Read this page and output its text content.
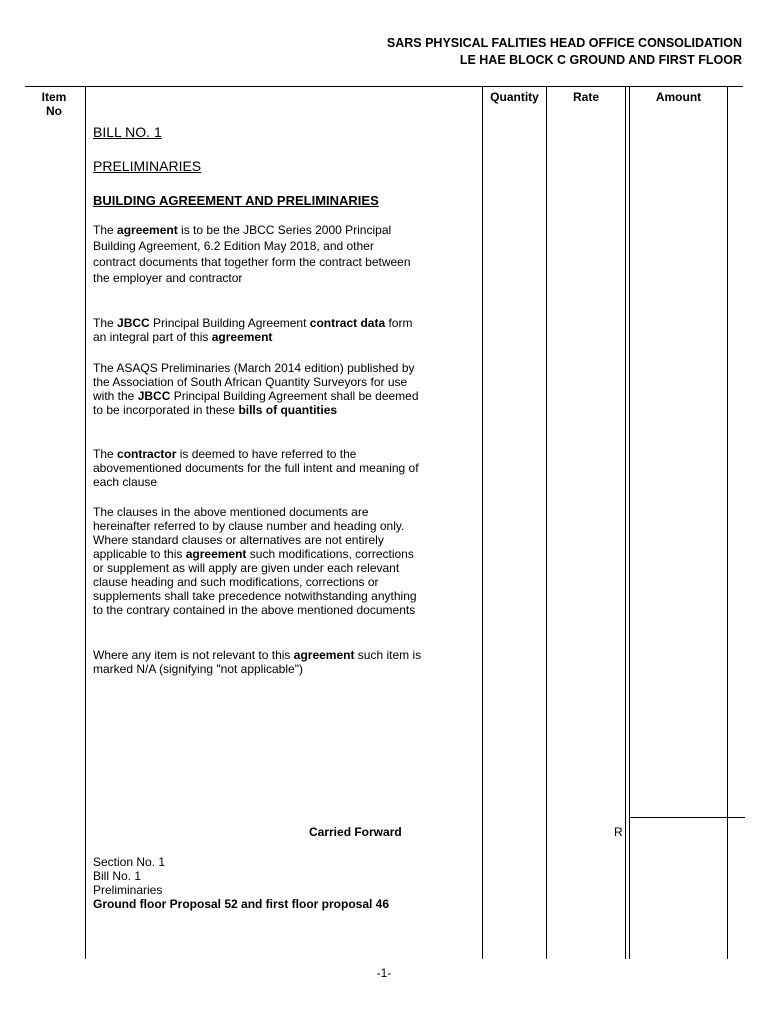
SARS PHYSICAL FALITIES HEAD OFFICE CONSOLIDATION
LE HAE BLOCK C GROUND AND FIRST FLOOR
Item
No
Quantity	Rate	Amount
BILL NO. 1
PRELIMINARIES
BUILDING AGREEMENT AND PRELIMINARIES
The agreement is to be the JBCC Series 2000 Principal Building Agreement, 6.2 Edition May 2018, and other contract documents that together form the contract between the employer and contractor
The JBCC Principal Building Agreement contract data form an integral part of this agreement
The ASAQS Preliminaries (March 2014 edition) published by the Association of South African Quantity Surveyors for use with the JBCC Principal Building Agreement shall be deemed to be incorporated in these bills of quantities
The contractor is deemed to have referred to the abovementioned documents for the full intent and meaning of each clause
The clauses in the above mentioned documents are hereinafter referred to by clause number and heading only. Where standard clauses or alternatives are not entirely applicable to this agreement such modifications, corrections or supplement as will apply are given under each relevant clause heading and such modifications, corrections or supplements shall take precedence notwithstanding anything to the contrary contained in the above mentioned documents
Where any item is not relevant to this agreement such item is marked N/A (signifying "not applicable")
Carried Forward	R
Section No. 1
Bill No. 1
Preliminaries
Ground floor Proposal 52 and first floor proposal 46
-1-
